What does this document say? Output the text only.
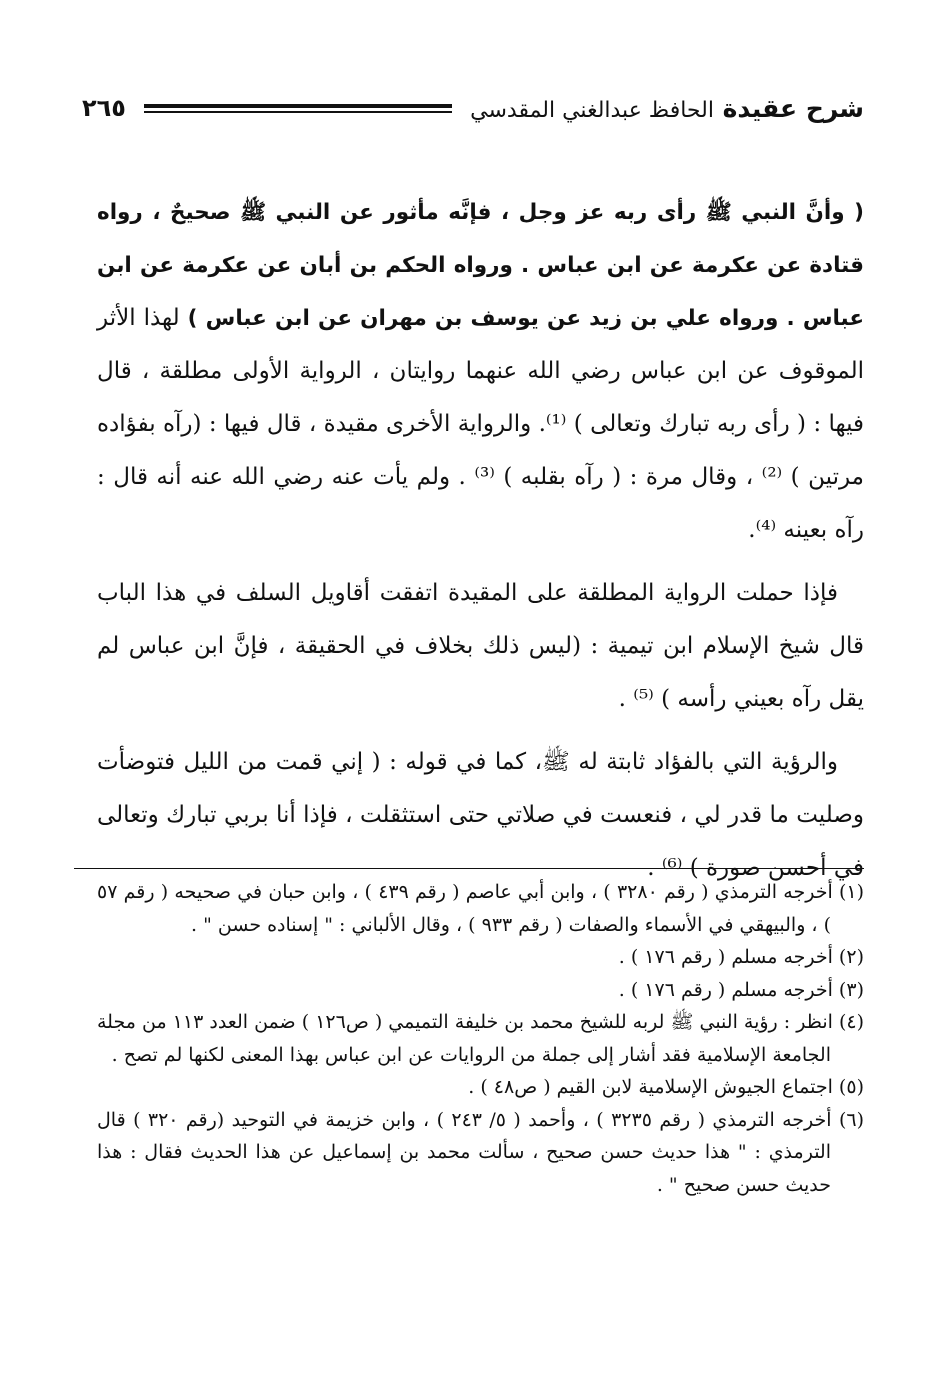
شرح عقيدة الحافظ عبدالغني المقدسي
٢٦٥

( وأنَّ النبي ﷺ رأى ربه عز وجل ، فإنَّه مأثور عن النبي ﷺ صحيحٌ ، رواه قتادة عن عكرمة عن ابن عباس . ورواه الحكم بن أبان عن عكرمة عن ابن عباس . ورواه علي بن زيد عن يوسف بن مهران عن ابن عباس ) لهذا الأثر الموقوف عن ابن عباس رضي الله عنهما روايتان ، الرواية الأولى مطلقة ، قال فيها : ( رأى ربه تبارك وتعالى ) ⁽¹⁾. والرواية الأخرى مقيدة ، قال فيها : (رآه بفؤاده مرتين ) ⁽²⁾ ، وقال مرة : ( رآه بقلبه ) ⁽³⁾ . ولم يأت عنه رضي الله عنه أنه قال : رآه بعينه ⁽⁴⁾.

فإذا حملت الرواية المطلقة على المقيدة اتفقت أقاويل السلف في هذا الباب قال شيخ الإسلام ابن تيمية : (ليس ذلك بخلاف في الحقيقة ، فإنَّ ابن عباس لم يقل رآه بعيني رأسه ) ⁽⁵⁾ .

والرؤية التي بالفؤاد ثابتة له ﷺ، كما في قوله : ( إني قمت من الليل فتوضأت وصليت ما قدر لي ، فنعست في صلاتي حتى استثقلت ، فإذا أنا بربي تبارك وتعالى في أحسن صورة ) ⁽⁶⁾ .

(١) أخرجه الترمذي ( رقم ٣٢٨٠ ) ، وابن أبي عاصم ( رقم ٤٣٩ ) ، وابن حبان في صحيحه ( رقم ٥٧ ) ، والبيهقي في الأسماء والصفات ( رقم ٩٣٣ ) ، وقال الألباني : " إسناده حسن " .

(٢) أخرجه مسلم ( رقم ١٧٦ ) .

(٣) أخرجه مسلم ( رقم ١٧٦ ) .

(٤) انظر : رؤية النبي ﷺ لربه للشيخ محمد بن خليفة التميمي ( ص١٢٦ ) ضمن العدد ١١٣ من مجلة الجامعة الإسلامية فقد أشار إلى جملة من الروايات عن ابن عباس بهذا المعنى لكنها لم تصح .

(٥) اجتماع الجيوش الإسلامية لابن القيم ( ص٤٨ ) .

(٦) أخرجه الترمذي ( رقم ٣٢٣٥ ) ، وأحمد ( ٥/ ٢٤٣ ) ، وابن خزيمة في التوحيد (رقم ٣٢٠ ) قال الترمذي : " هذا حديث حسن صحيح ، سألت محمد بن إسماعيل عن هذا الحديث فقال : هذا حديث حسن صحيح " .
